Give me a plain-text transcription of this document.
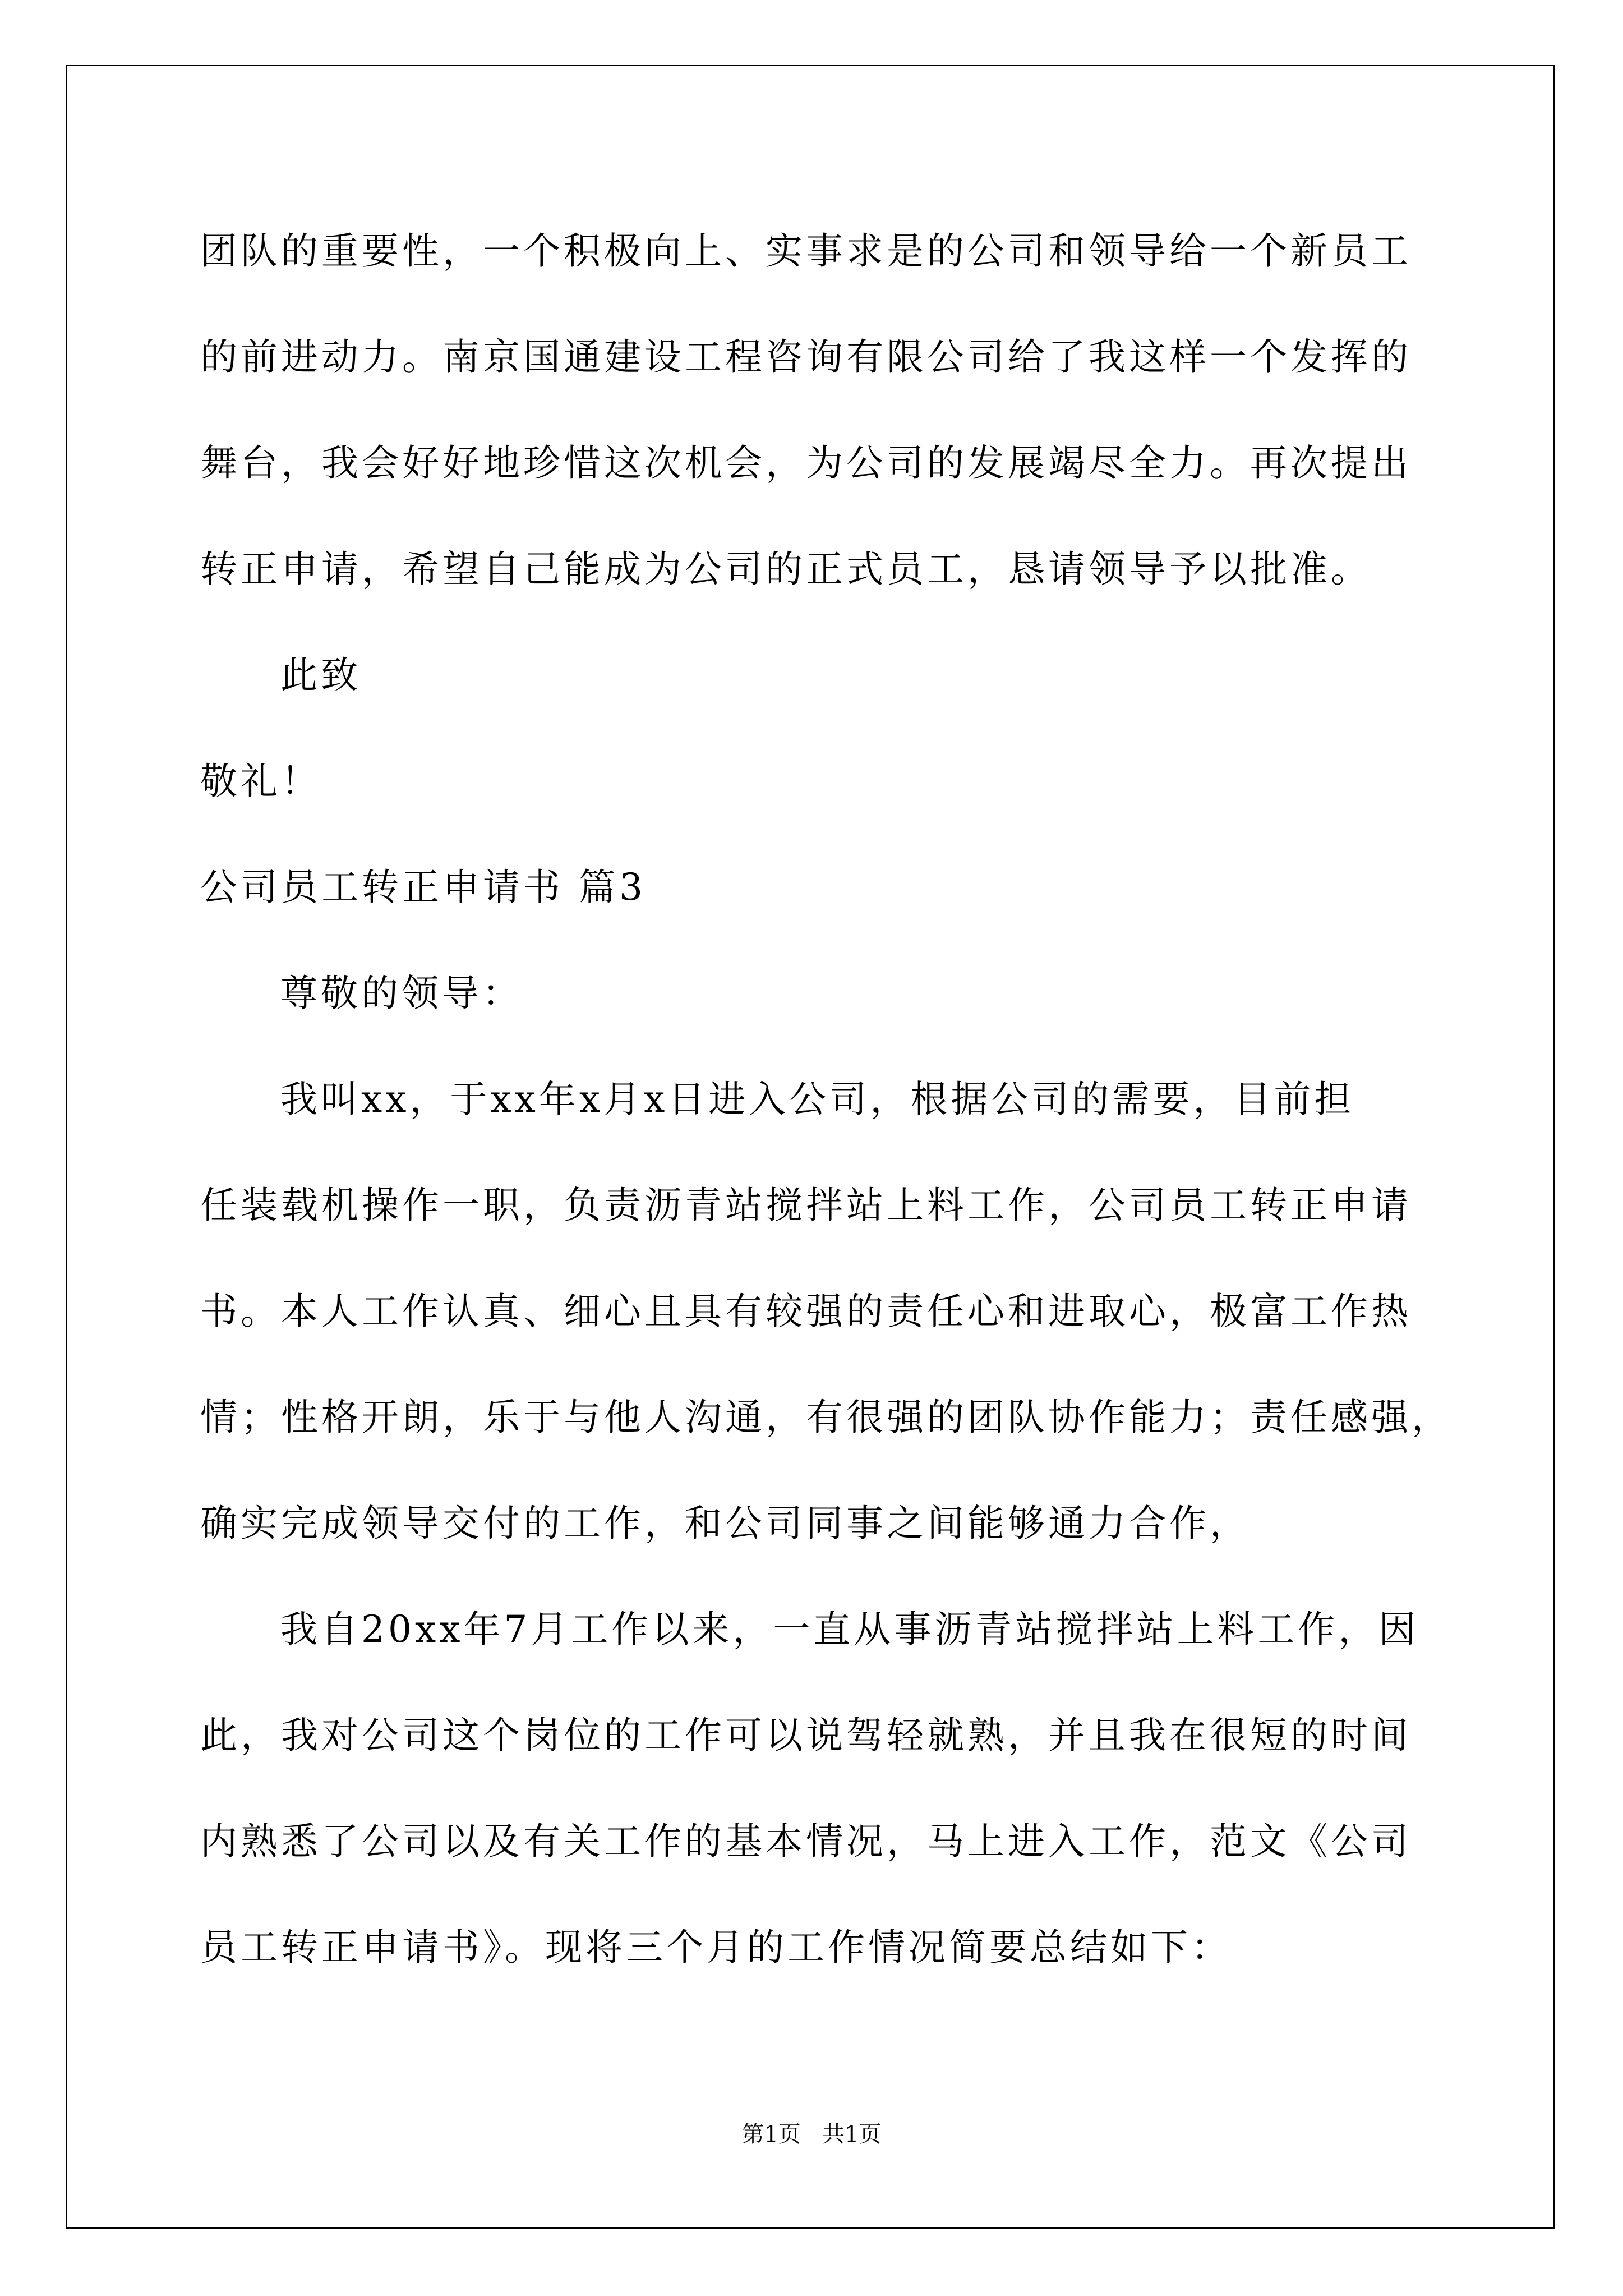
团队的重要性，一个积极向上、实事求是的公司和领导给一个新员工
的前进动力。南京国通建设工程咨询有限公司给了我这样一个发挥的
舞台，我会好好地珍惜这次机会，为公司的发展竭尽全力。再次提出
转正申请，希望自己能成为公司的正式员工，恳请领导予以批准。
此致
敬礼！
公司员工转正申请书 篇3
尊敬的领导：
我叫xx，于xx年x月x日进入公司，根据公司的需要，目前担
任装载机操作一职，负责沥青站搅拌站上料工作，公司员工转正申请
书。本人工作认真、细心且具有较强的责任心和进取心，极富工作热
情；性格开朗，乐于与他人沟通，有很强的团队协作能力；责任感强，
确实完成领导交付的工作，和公司同事之间能够通力合作，
我自20xx年7月工作以来，一直从事沥青站搅拌站上料工作，因
此，我对公司这个岗位的工作可以说驾轻就熟，并且我在很短的时间
内熟悉了公司以及有关工作的基本情况，马上进入工作，范文《公司
员工转正申请书》。现将三个月的工作情况简要总结如下：
第1页   共1页
